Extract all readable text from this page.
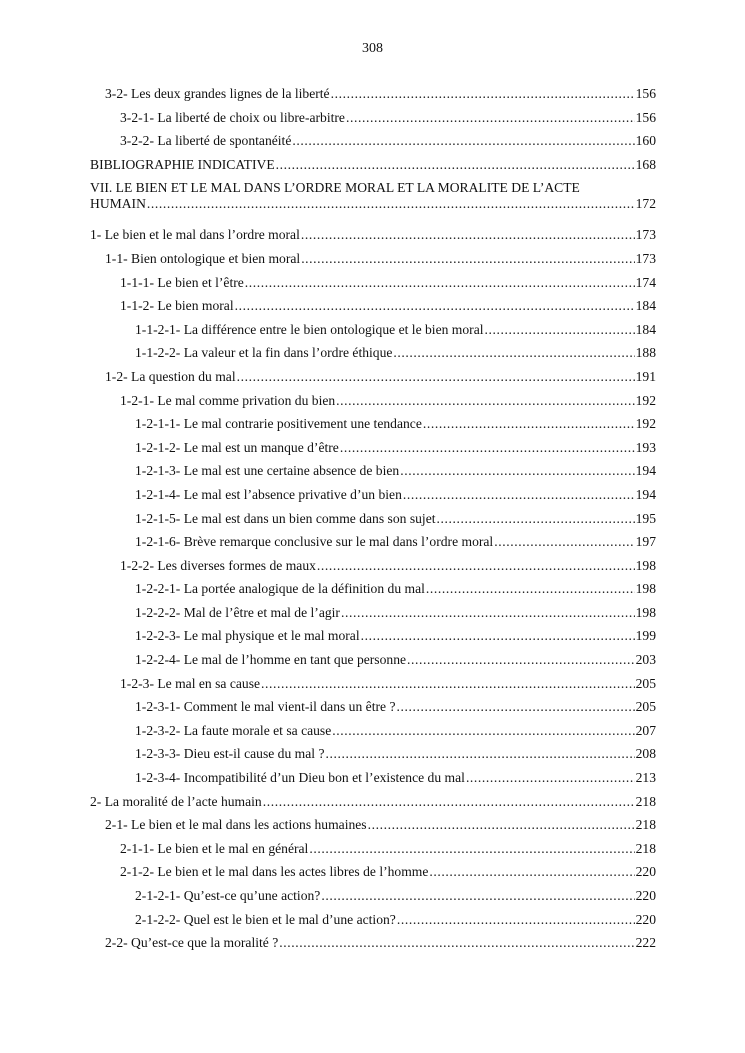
308
3-2- Les deux grandes lignes de la liberté .....	156
3-2-1- La liberté de choix ou libre-arbitre .....	156
3-2-2- La liberté de spontanéité .....	160
BIBLIOGRAPHIE INDICATIVE .....	168
VII. LE BIEN ET LE MAL DANS L’ORDRE MORAL ET LA MORALITE DE L’ACTE
HUMAIN .....	172
1- Le bien et le mal dans l’ordre moral .....	173
1-1- Bien ontologique et bien moral .....	173
1-1-1- Le bien et l’être .....	174
1-1-2- Le bien moral .....	184
1-1-2-1- La différence entre le bien ontologique et le bien moral .....	184
1-1-2-2- La valeur et la fin dans l’ordre éthique .....	188
1-2- La question du mal .....	191
1-2-1- Le mal comme privation du bien .....	192
1-2-1-1- Le mal contrarie positivement une tendance .....	192
1-2-1-2- Le mal est un manque d’être .....	193
1-2-1-3- Le mal est une certaine absence de bien .....	194
1-2-1-4- Le mal est l’absence privative d’un bien .....	194
1-2-1-5- Le mal est dans un bien comme dans son sujet .....	195
1-2-1-6- Brève remarque conclusive sur le mal dans l’ordre moral .....	197
1-2-2- Les diverses formes de maux .....	198
1-2-2-1- La portée analogique de la définition du mal .....	198
1-2-2-2- Mal de l’être et mal de l’agir .....	198
1-2-2-3- Le mal physique et le mal moral .....	199
1-2-2-4- Le mal de l’homme en tant que personne .....	203
1-2-3- Le mal en sa cause .....	205
1-2-3-1- Comment le mal vient-il dans un être ? .....	205
1-2-3-2- La faute morale et sa cause .....	207
1-2-3-3- Dieu est-il cause du mal ? .....	208
1-2-3-4- Incompatibilité d’un Dieu bon et l’existence du mal .....	213
2- La moralité de l’acte humain .....	218
2-1- Le bien et le mal dans les actions humaines .....	218
2-1-1- Le bien et le mal en général .....	218
2-1-2- Le bien et le mal dans les actes libres de l’homme .....	220
2-1-2-1- Qu’est-ce qu’une action? .....	220
2-1-2-2- Quel est le bien et le mal d’une action? .....	220
2-2- Qu’est-ce que la moralité ? .....	222
